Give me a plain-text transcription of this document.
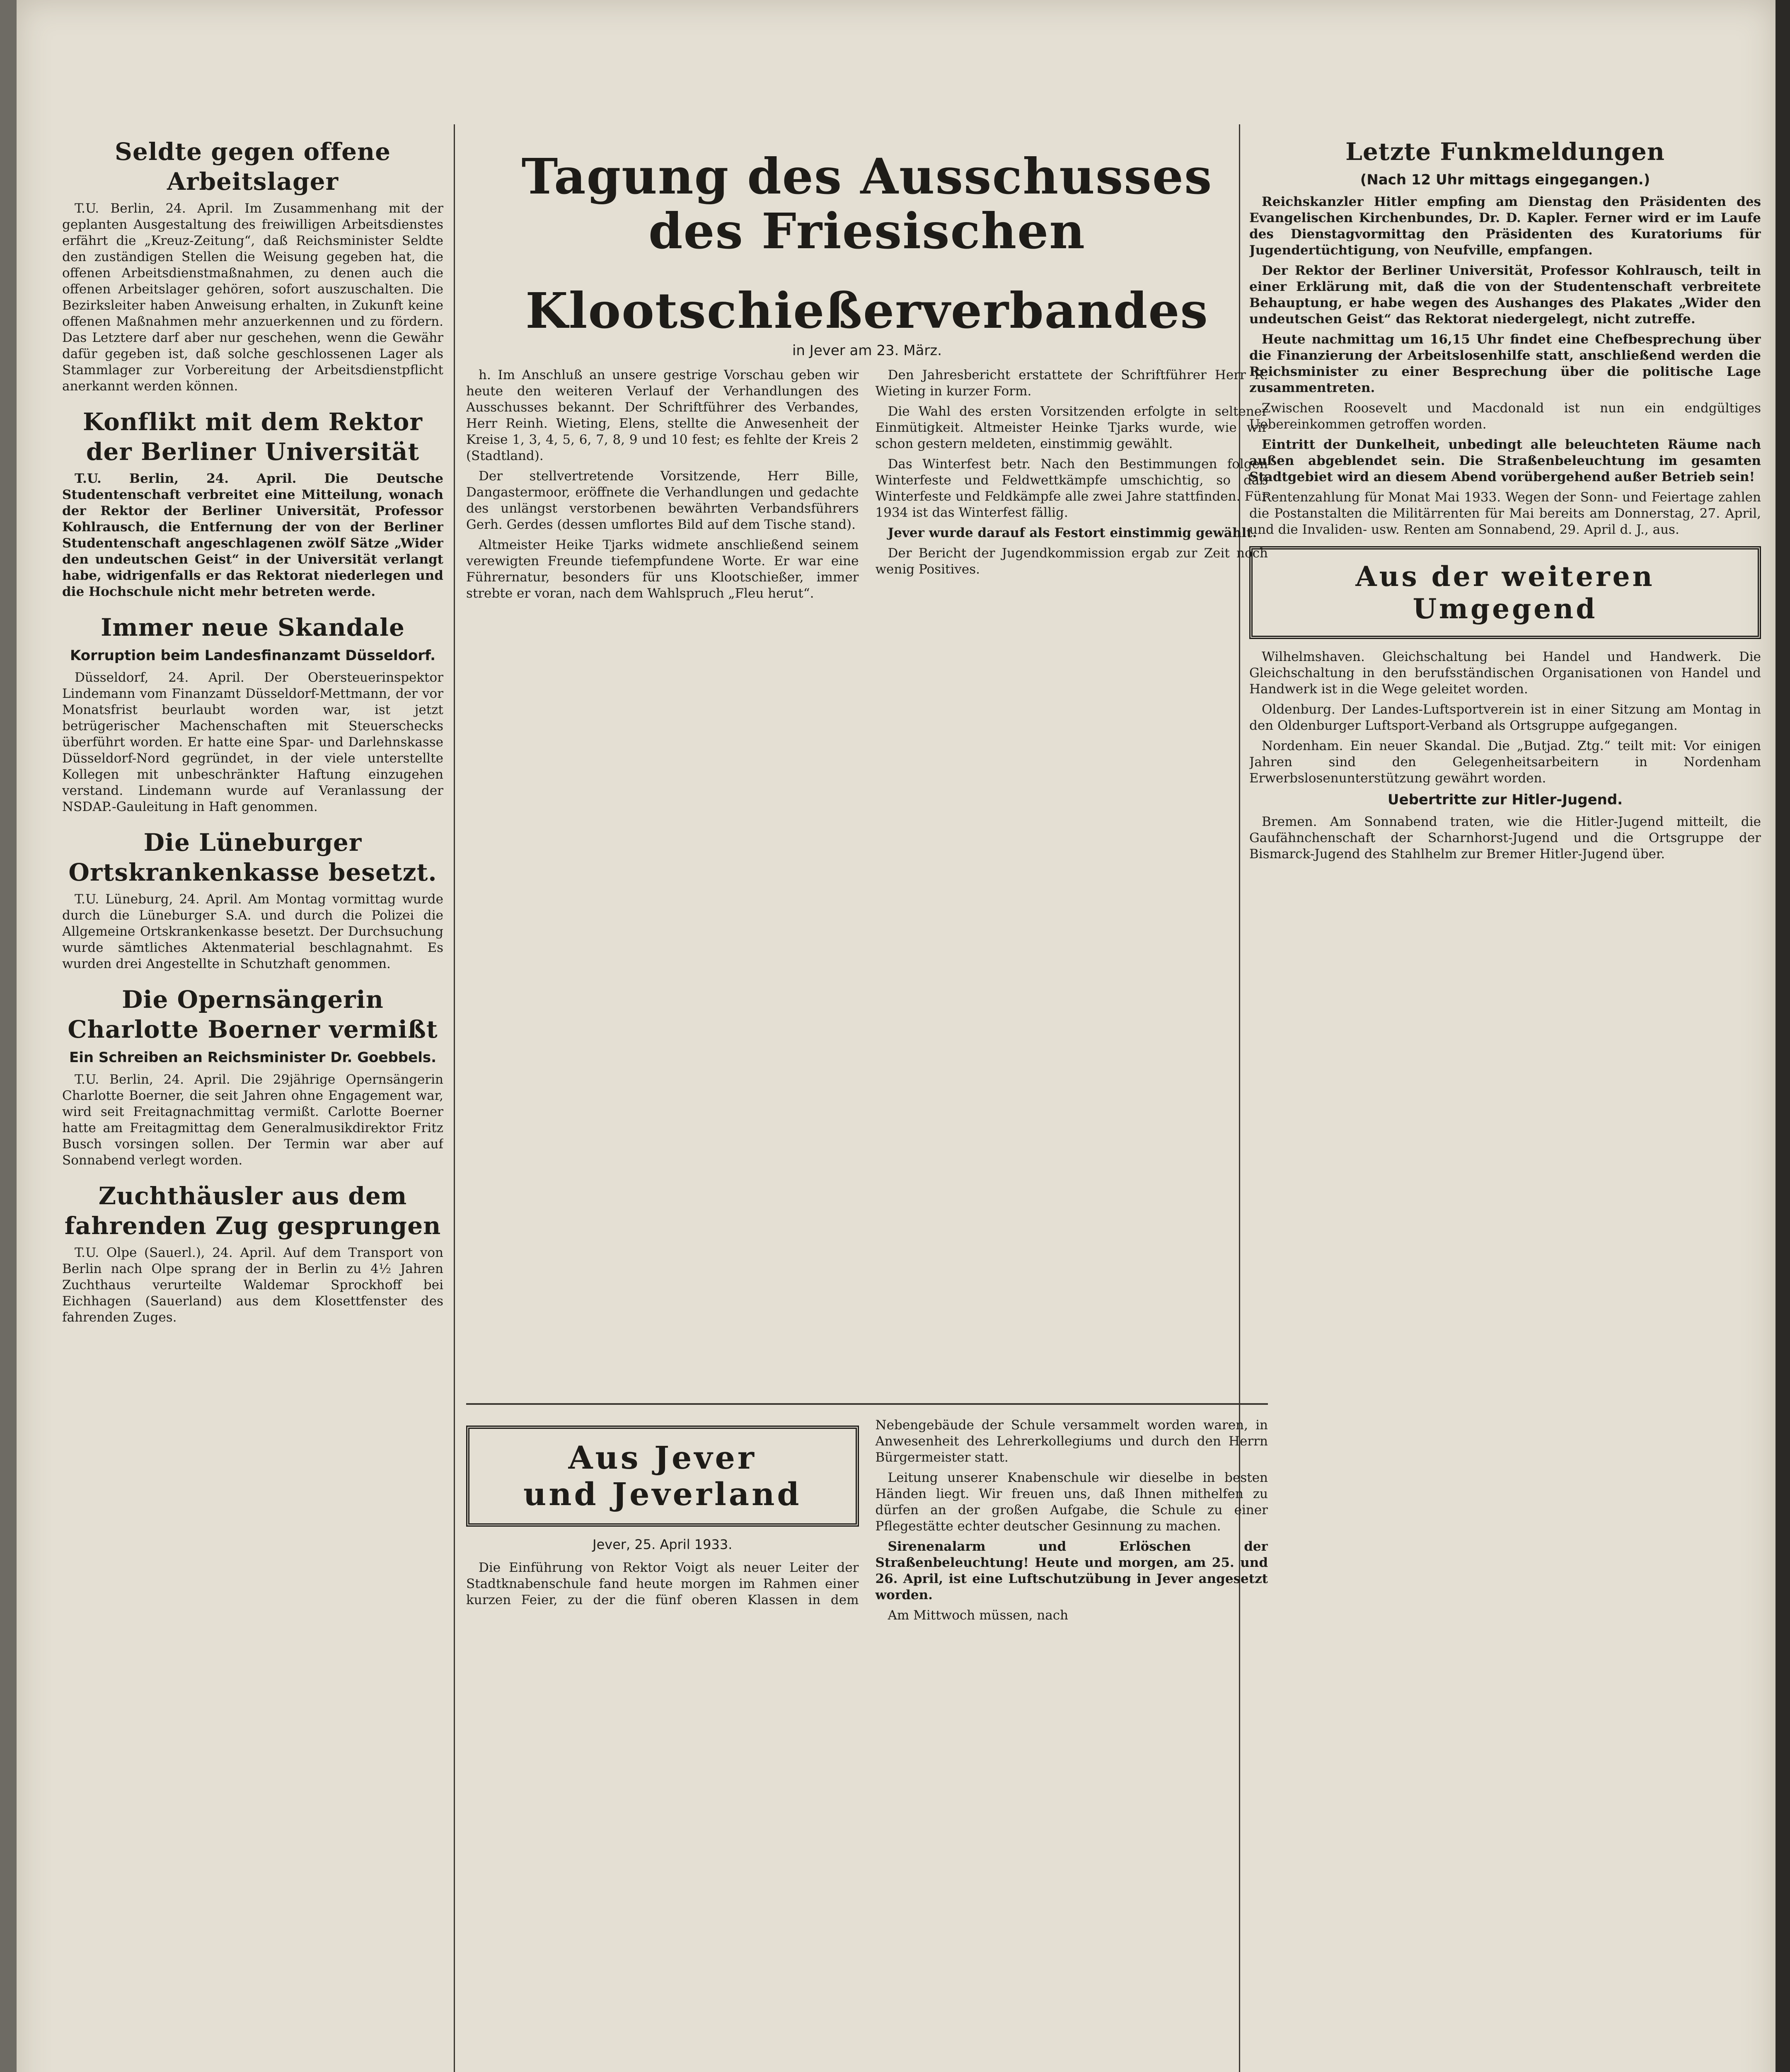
Seldte gegen offene Arbeitslager

T.U. Berlin, 24. April. Im Zusammenhang mit der geplanten Ausgestaltung des freiwilligen Arbeitsdienstes erfährt die „Kreuz-Zeitung“, daß Reichsminister Seldte den zuständigen Stellen die Weisung gegeben hat, die offenen Arbeitsdienstmaßnahmen, zu denen auch die offenen Arbeitslager gehören, sofort auszuschalten. Die Bezirksleiter haben Anweisung erhalten, in Zukunft keine offenen Maßnahmen mehr anzuerkennen und zu fördern. Das Letztere darf aber nur geschehen, wenn die Gewähr dafür gegeben ist, daß solche geschlossenen Lager als Stammlager zur Vorbereitung der Arbeitsdienstpflicht anerkannt werden können.

Konflikt mit dem Rektor der Berliner Universität

T.U. Berlin, 24. April. Die Deutsche Studentenschaft verbreitet eine Mitteilung, wonach der Rektor der Berliner Universität, Professor Kohlrausch, die Entfernung der von der Berliner Studentenschaft angeschlagenen zwölf Sätze „Wider den undeutschen Geist“ in der Universität verlangt habe, widrigenfalls er das Rektorat niederlegen und die Hochschule nicht mehr betreten werde.

Immer neue Skandale
Korruption beim Landesfinanzamt Düsseldorf.

Düsseldorf, 24. April. Der Obersteuerinspektor Lindemann vom Finanzamt Düsseldorf-Mettmann, der vor Monatsfrist beurlaubt worden war, ist jetzt betrügerischer Machenschaften mit Steuerschecks überführt worden. Er hatte eine Spar- und Darlehnskasse Düsseldorf-Nord gegründet, in der viele unterstellte Kollegen mit unbeschränkter Haftung einzugehen verstand. Lindemann wurde auf Veranlassung der NSDAP.-Gauleitung in Haft genommen.

Die Lüneburger Ortskrankenkasse besetzt.

T.U. Lüneburg, 24. April. Am Montag vormittag wurde durch die Lüneburger S.A. und durch die Polizei die Allgemeine Ortskrankenkasse besetzt. Der Durchsuchung wurde sämtliches Aktenmaterial beschlagnahmt. Es wurden drei Angestellte in Schutzhaft genommen.

Die Opernsängerin Charlotte Boerner vermißt
Ein Schreiben an Reichsminister Dr. Goebbels.

T.U. Berlin, 24. April. Die 29jährige Opernsängerin Charlotte Boerner, die seit Jahren ohne Engagement war, wird seit Freitagnachmittag vermißt. Carlotte Boerner hatte am Freitagmittag dem Generalmusikdirektor Fritz Busch vorsingen sollen. Der Termin war aber auf Sonnabend verlegt worden.

Zuchthäusler aus dem fahrenden Zug gesprungen

T.U. Olpe (Sauerl.), 24. April. Auf dem Transport von Berlin nach Olpe sprang der in Berlin zu 4½ Jahren Zuchthaus verurteilte Waldemar Sprockhoff bei Eichhagen (Sauerland) aus dem Klosettfenster des fahrenden Zuges.

Tagung des Ausschusses des Friesischen
Klootschießerverbandes
in Jever am 23. März.

h. Im Anschluß an unsere gestrige Vorschau geben wir heute den weiteren Verlauf der Verhandlungen des Ausschusses bekannt. Der Schriftführer des Verbandes, Herr Reinh. Wieting, Elens, stellte die Anwesenheit der Kreise 1, 3, 4, 5, 6, 7, 8, 9 und 10 fest; es fehlte der Kreis 2 (Stadtland).

Der stellvertretende Vorsitzende, Herr Bille, Dangastermoor, eröffnete die Verhandlungen und gedachte des unlängst verstorbenen bewährten Verbandsführers Gerh. Gerdes (dessen umflortes Bild auf dem Tische stand).

Altmeister Heike Tjarks widmete anschließend seinem verewigten Freunde tiefempfundene Worte. Er war eine Führernatur, besonders für uns Klootschießer, immer strebte er voran, nach dem Wahlspruch „Fleu herut“.

Den Jahresbericht erstattete der Schriftführer Herr R. Wieting in kurzer Form.

Die Wahl des ersten Vorsitzenden erfolgte in seltener Einmütigkeit. Altmeister Heinke Tjarks wurde, wie wir schon gestern meldeten, einstimmig gewählt.

Das Winterfest betr. Nach den Bestimmungen folgen Winterfeste und Feldwettkämpfe umschichtig, so daß Winterfeste und Feldkämpfe alle zwei Jahre stattfinden. Für 1934 ist das Winterfest fällig.

Jever wurde darauf als Festort einstimmig gewählt.

Der Bericht der Jugendkommission ergab zur Zeit noch wenig Positives.

Aus Jever
und Jeverland
Jever, 25. April 1933.

Die Einführung von Rektor Voigt als neuer Leiter der Stadtknabenschule fand heute morgen im Rahmen einer kurzen Feier, zu der die fünf oberen Klassen in dem Nebengebäude der Schule versammelt worden waren, in Anwesenheit des Lehrerkollegiums und durch den Herrn Bürgermeister statt.

Leitung unserer Knabenschule wir dieselbe in besten Händen liegt. Wir freuen uns, daß Ihnen mithelfen zu dürfen an der großen Aufgabe, die Schule zu einer Pflegestätte echter deutscher Gesinnung zu machen.

Sirenenalarm und Erlöschen der Straßenbeleuchtung! Heute und morgen, am 25. und 26. April, ist eine Luftschutzübung in Jever angesetzt worden.

Am Mittwoch müssen, nach

Letzte Funkmeldungen
(Nach 12 Uhr mittags eingegangen.)

Reichskanzler Hitler empfing am Dienstag den Präsidenten des Evangelischen Kirchenbundes, Dr. D. Kapler. Ferner wird er im Laufe des Dienstagvormittag den Präsidenten des Kuratoriums für Jugendertüchtigung, von Neufville, empfangen.

Der Rektor der Berliner Universität, Professor Kohlrausch, teilt in einer Erklärung mit, daß die von der Studentenschaft verbreitete Behauptung, er habe wegen des Aushanges des Plakates „Wider den undeutschen Geist“ das Rektorat niedergelegt, nicht zutreffe.

Heute nachmittag um 16,15 Uhr findet eine Chefbesprechung über die Finanzierung der Arbeitslosenhilfe statt, anschließend werden die Reichsminister zu einer Besprechung über die politische Lage zusammentreten.

Zwischen Roosevelt und Macdonald ist nun ein endgültiges Uebereinkommen getroffen worden.

Eintritt der Dunkelheit, unbedingt alle beleuchteten Räume nach außen abgeblendet sein. Die Straßenbeleuchtung im gesamten Stadtgebiet wird an diesem Abend vorübergehend außer Betrieb sein!

Rentenzahlung für Monat Mai 1933. Wegen der Sonn- und Feiertage zahlen die Postanstalten die Militärrenten für Mai bereits am Donnerstag, 27. April, und die Invaliden- usw. Renten am Sonnabend, 29. April d. J., aus.

Aus der weiteren
Umgegend

Wilhelmshaven. Gleichschaltung bei Handel und Handwerk. Die Gleichschaltung in den berufsständischen Organisationen von Handel und Handwerk ist in die Wege geleitet worden.

Oldenburg. Der Landes-Luftsportverein ist in einer Sitzung am Montag in den Oldenburger Luftsport-Verband als Ortsgruppe aufgegangen.

Nordenham. Ein neuer Skandal. Die „Butjad. Ztg.“ teilt mit: Vor einigen Jahren sind den Gelegenheitsarbeitern in Nordenham Erwerbslosenunterstützung gewährt worden.

Uebertritte zur Hitler-Jugend.

Bremen. Am Sonnabend traten, wie die Hitler-Jugend mitteilt, die Gaufähnchenschaft der Scharnhorst-Jugend und die Ortsgruppe der Bismarck-Jugend des Stahlhelm zur Bremer Hitler-Jugend über.
